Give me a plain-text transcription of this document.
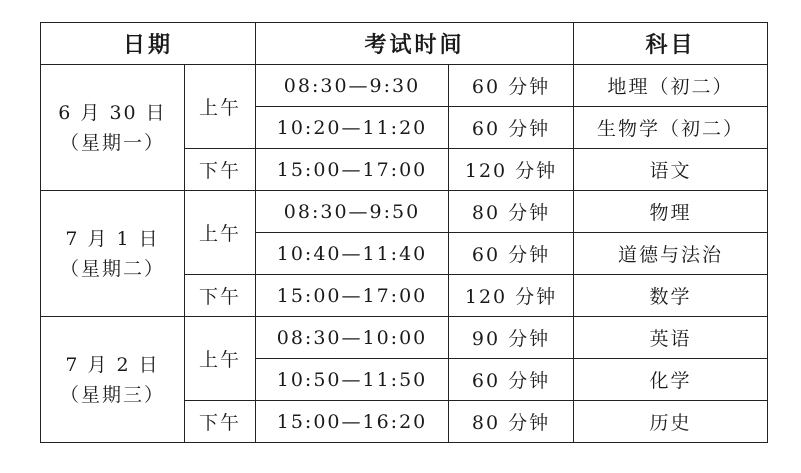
日期		考试时间		科目

6 月 30 日
（星期一）	上午	08:30—9:30	60 分钟	地理（初二）
		10:20—11:20	60 分钟	生物学（初二）
	下午	15:00—17:00	120 分钟	语文

7 月 1 日
（星期二）	上午	08:30—9:50	80 分钟	物理
		10:40—11:40	60 分钟	道德与法治
	下午	15:00—17:00	120 分钟	数学

7 月 2 日
（星期三）	上午	08:30—10:00	90 分钟	英语
		10:50—11:50	60 分钟	化学
	下午	15:00—16:20	80 分钟	历史
